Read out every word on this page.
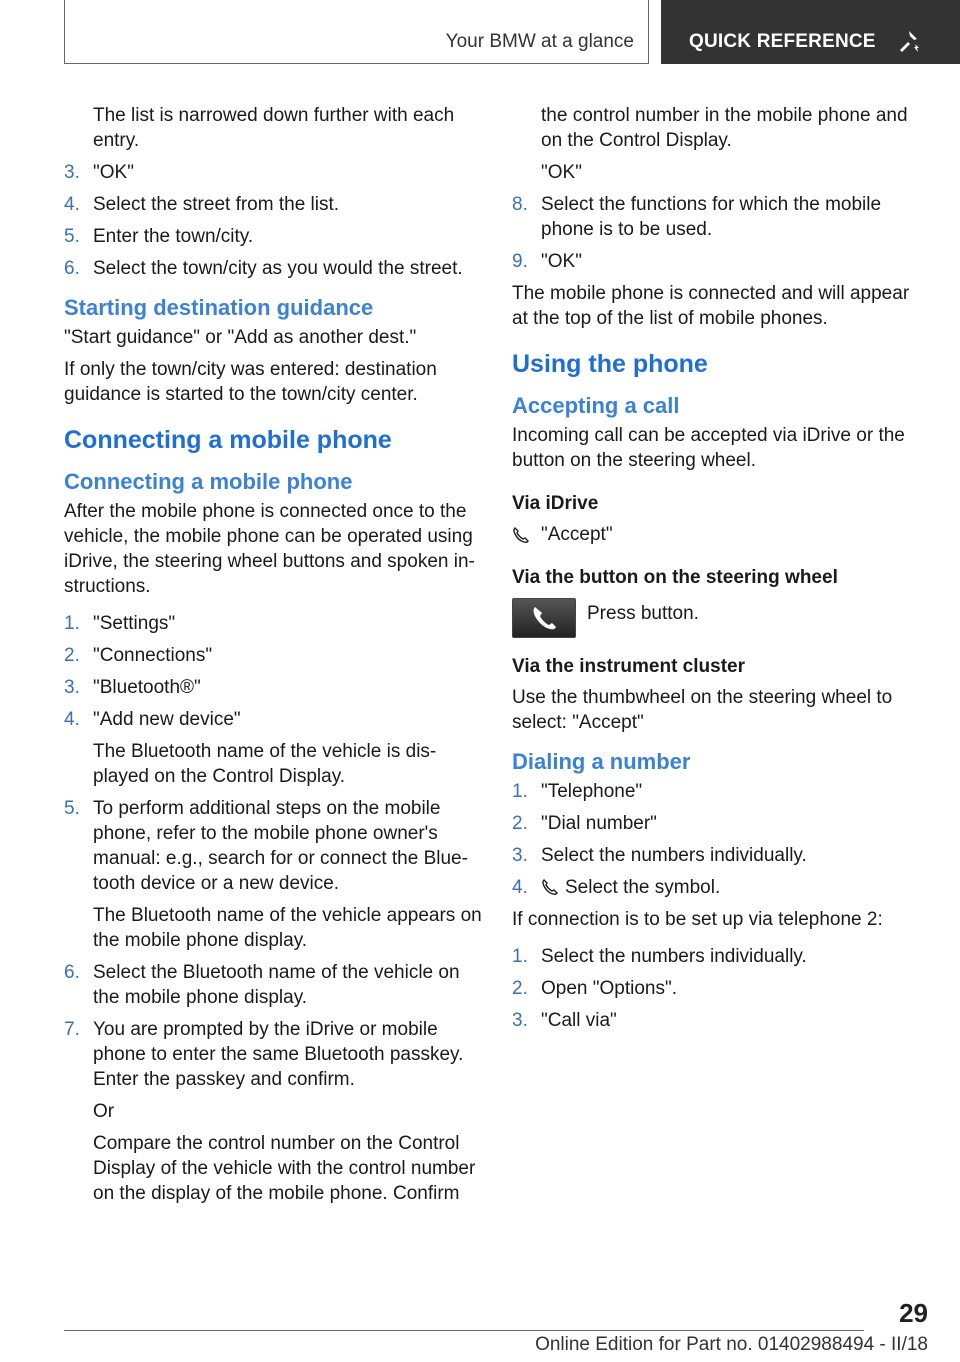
Your BMW at a glance	QUICK REFERENCE
The list is narrowed down further with each entry.
3. "OK"
4. Select the street from the list.
5. Enter the town/city.
6. Select the town/city as you would the street.
Starting destination guidance

"Start guidance" or "Add as another dest."

If only the town/city was entered: destination guidance is started to the town/city center.

Connecting a mobile phone
Connecting a mobile phone

After the mobile phone is connected once to the vehicle, the mobile phone can be operated using iDrive, the steering wheel buttons and spoken instructions.

1. "Settings"
2. "Connections"
3. "Bluetooth®"
4. "Add new device"
The Bluetooth name of the vehicle is displayed on the Control Display.
5. To perform additional steps on the mobile phone, refer to the mobile phone owner's manual: e.g., search for or connect the Bluetooth device or a new device.
The Bluetooth name of the vehicle appears on the mobile phone display.
6. Select the Bluetooth name of the vehicle on the mobile phone display.
7. You are prompted by the iDrive or mobile phone to enter the same Bluetooth passkey. Enter the passkey and confirm.
Or
Compare the control number on the Control Display of the vehicle with the control number on the display of the mobile phone. Confirm
the control number in the mobile phone and on the Control Display.
"OK"
8. Select the functions for which the mobile phone is to be used.
9. "OK"

The mobile phone is connected and will appear at the top of the list of mobile phones.

Using the phone
Accepting a call

Incoming call can be accepted via iDrive or the button on the steering wheel.

Via iDrive
"Accept"
Via the button on the steering wheel
Press button.
Via the instrument cluster

Use the thumbwheel on the steering wheel to select: "Accept"

Dialing a number
1. "Telephone"
2. "Dial number"
3. Select the numbers individually.
4. Select the symbol.

If connection is to be set up via telephone 2:

1. Select the numbers individually.
2. Open "Options".
3. "Call via"
29
Online Edition for Part no. 01402988494 - II/18
